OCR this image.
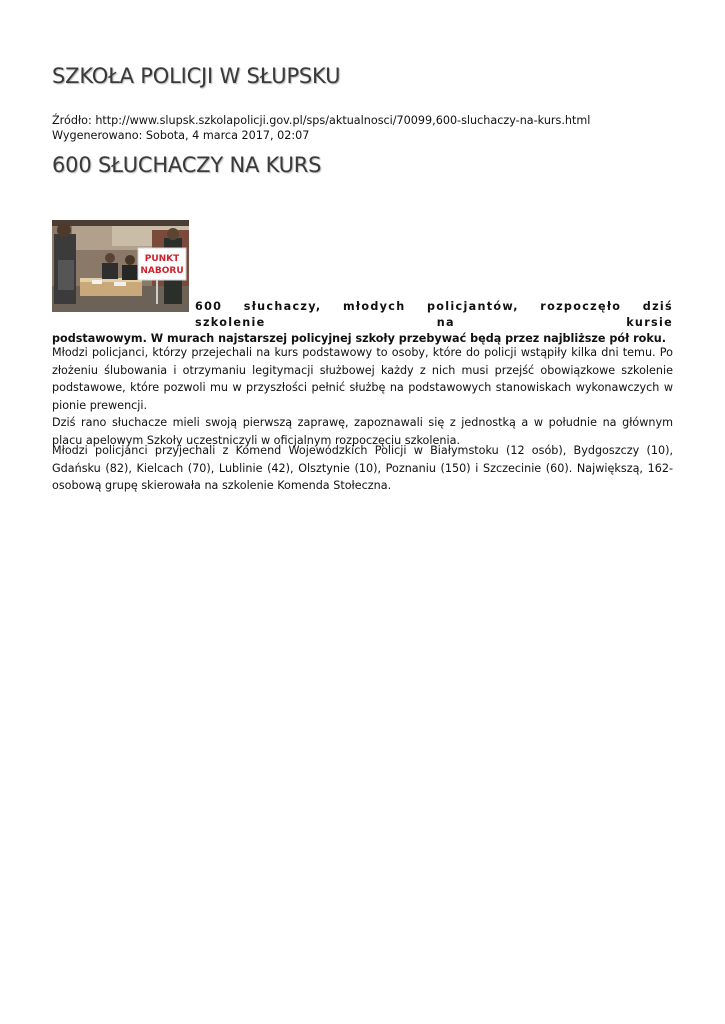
SZKOŁA POLICJI W SŁUPSKU
Źródło: http://www.slupsk.szkolapolicji.gov.pl/sps/aktualnosci/70099,600-sluchaczy-na-kurs.html
Wygenerowano: Sobota, 4 marca 2017, 02:07
600 SŁUCHACZY NA KURS
PUNKT
NABORU

600 słuchaczy, młodych policjantów, rozpoczęło dziś szkolenie na kursie
podstawowym. W murach najstarszej policyjnej szkoły przebywać będą przez najbliższe pół roku.

Młodzi policjanci, którzy przejechali na kurs podstawowy to osoby, które do policji wstąpiły kilka dni temu. Po złożeniu ślubowania i otrzymaniu legitymacji służbowej każdy z nich musi przejść obowiązkowe szkolenie podstawowe, które pozwoli mu w przyszłości pełnić służbę na podstawowych stanowiskach wykonawczych w pionie prewencji.
Dziś rano słuchacze mieli swoją pierwszą zaprawę, zapoznawali się z jednostką a w południe na głównym placu apelowym Szkoły uczestniczyli w oficjalnym rozpoczęciu szkolenia.

Młodzi policjanci przyjechali z Komend Wojewódzkich Policji w Białymstoku (12 osób), Bydgoszczy (10), Gdańsku (82), Kielcach (70), Lublinie (42), Olsztynie (10), Poznaniu (150) i Szczecinie (60). Największą, 162-osobową grupę skierowała na szkolenie Komenda Stołeczna.
